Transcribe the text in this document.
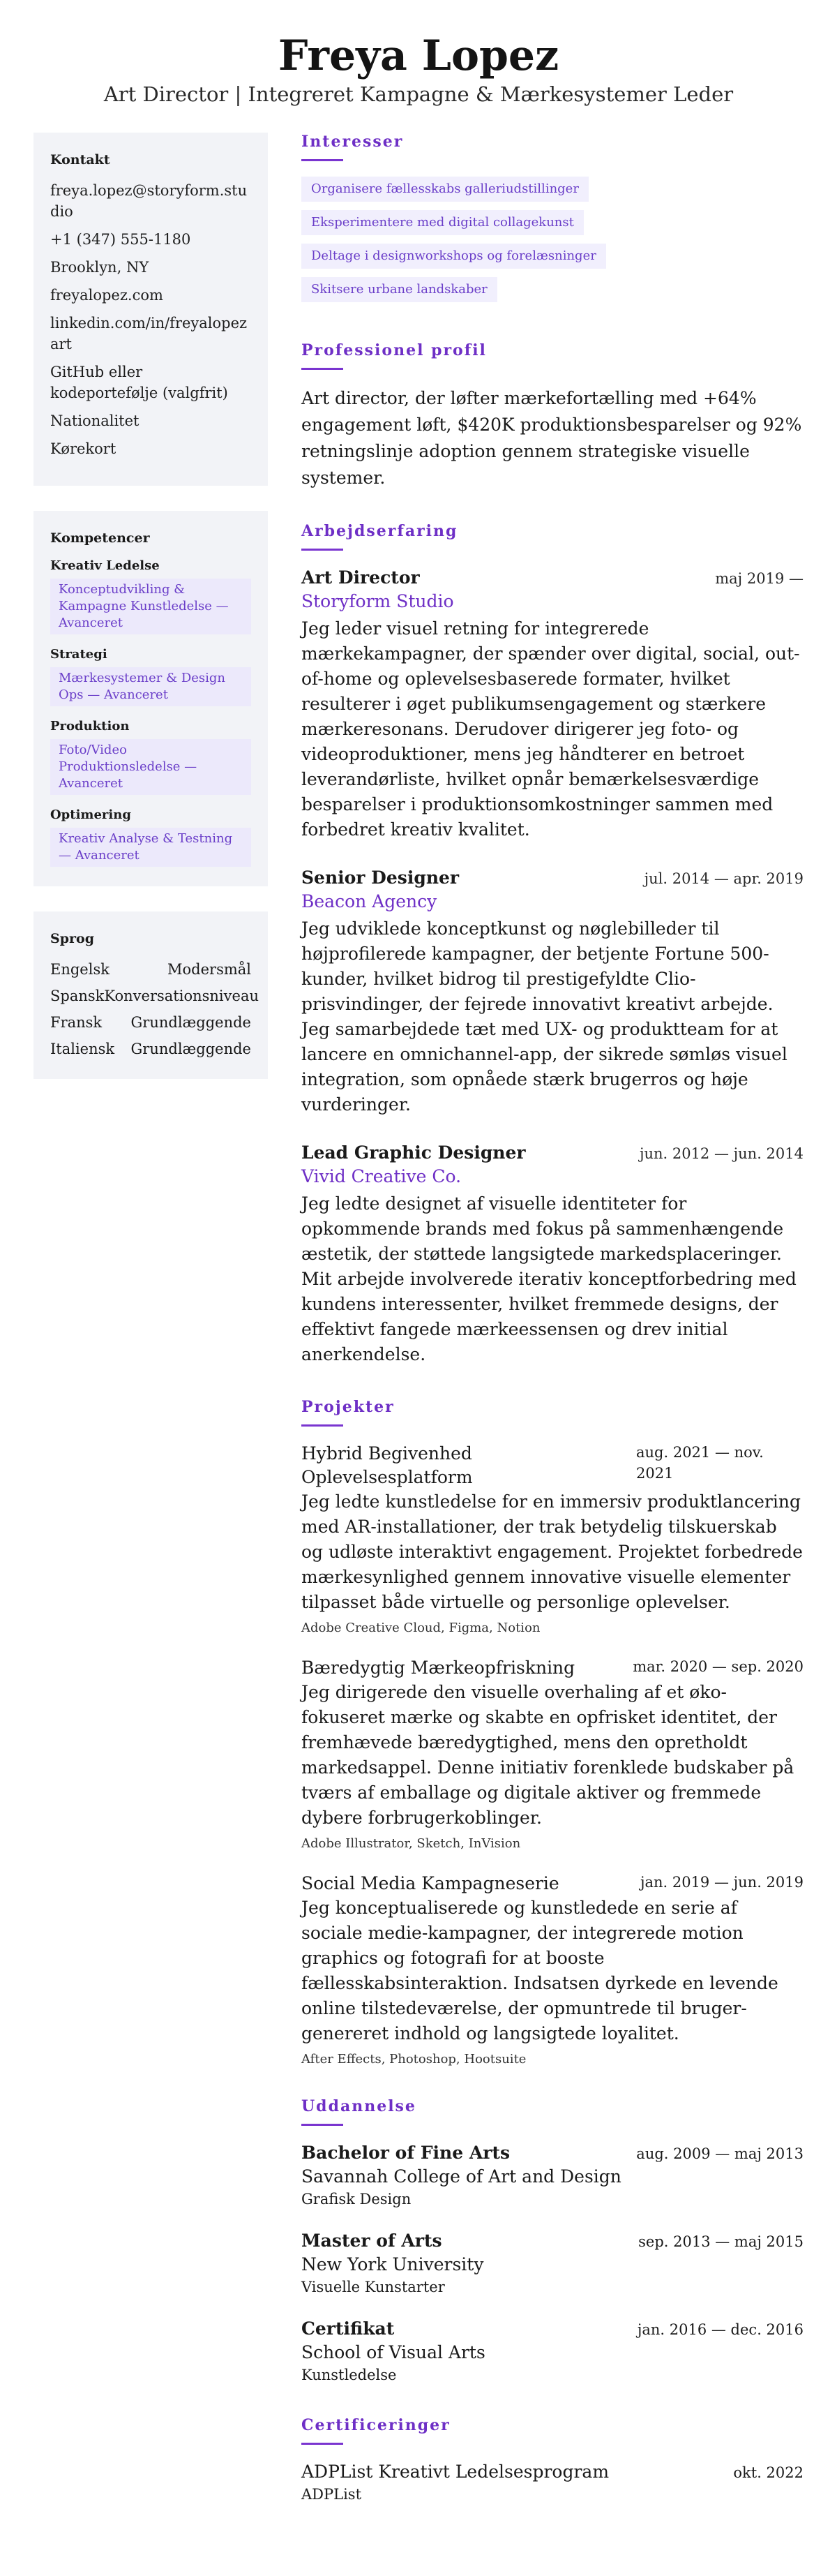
Freya Lopez
Art Director | Integreret Kampagne & Mærkesystemer Leder
Kontakt
freya.lopez@storyform.studio
+1 (347) 555-1180
Brooklyn, NY
freyalopez.com
linkedin.com/in/freyalopezart
GitHub eller kodeportefølje (valgfrit)
Nationalitet
Kørekort
Kompetencer
Kreativ Ledelse
Konceptudvikling & Kampagne Kunstledelse — Avanceret
Strategi
Mærkesystemer & Design Ops — Avanceret
Produktion
Foto/Video Produktionsledelse — Avanceret
Optimering
Kreativ Analyse & Testning — Avanceret
Sprog
Engelsk	Modersmål
Spansk Konversationsniveau
Fransk Grundlæggende
Italiensk Grundlæggende
Interesser
Organisere fællesskabs galleriudstillinger
Eksperimentere med digital collagekunst
Deltage i designworkshops og forelæsninger
Skitsere urbane landskaber
Professionel profil

Art director, der løfter mærkefortælling med +64% engagement løft, $420K produktionsbesparelser og 92% retningslinje adoption gennem strategiske visuelle systemer.

Arbejdserfaring
Art Director	maj 2019 —
Storyform Studio

Jeg leder visuel retning for integrerede mærkekampagner, der spænder over digital, social, out-of-home og oplevelsesbaserede formater, hvilket resulterer i øget publikumsengagement og stærkere mærkeresonans. Derudover dirigerer jeg foto- og videoproduktioner, mens jeg håndterer en betroet leverandørliste, hvilket opnår bemærkelsesværdige besparelser i produktionsomkostninger sammen med forbedret kreativ kvalitet.

Senior Designer	jul. 2014 — apr. 2019
Beacon Agency

Jeg udviklede konceptkunst og nøglebilleder til højprofilerede kampagner, der betjente Fortune 500-kunder, hvilket bidrog til prestigefyldte Clio-prisvindinger, der fejrede innovativt kreativt arbejde. Jeg samarbejdede tæt med UX- og produktteam for at lancere en omnichannel-app, der sikrede sømløs visuel integration, som opnåede stærk brugerros og høje vurderinger.

Lead Graphic Designer	jun. 2012 — jun. 2014
Vivid Creative Co.

Jeg ledte designet af visuelle identiteter for opkommende brands med fokus på sammenhængende æstetik, der støttede langsigtede markedsplaceringer. Mit arbejde involverede iterativ konceptforbedring med kundens interessenter, hvilket fremmede designs, der effektivt fangede mærkeessensen og drev initial anerkendelse.

Projekter
Hybrid Begivenhed Oplevelsesplatform
aug. 2021 — nov. 2021

Jeg ledte kunstledelse for en immersiv produktlancering med AR-installationer, der trak betydelig tilskuerskab og udløste interaktivt engagement. Projektet forbedrede mærkesynlighed gennem innovative visuelle elementer tilpasset både virtuelle og personlige oplevelser.

Adobe Creative Cloud, Figma, Notion
Bæredygtig Mærkeopfriskning	mar. 2020 — sep. 2020

Jeg dirigerede den visuelle overhaling af et øko-fokuseret mærke og skabte en opfrisket identitet, der fremhævede bæredygtighed, mens den opretholdt markedsappel. Denne initiativ forenklede budskaber på tværs af emballage og digitale aktiver og fremmede dybere forbrugerkoblinger.

Adobe Illustrator, Sketch, InVision
Social Media Kampagneserie	jan. 2019 — jun. 2019

Jeg konceptualiserede og kunstledede en serie af sociale medie-kampagner, der integrerede motion graphics og fotografi for at booste fællesskabsinteraktion. Indsatsen dyrkede en levende online tilstedeværelse, der opmuntrede til bruger-genereret indhold og langsigtede loyalitet.

After Effects, Photoshop, Hootsuite
Uddannelse
Bachelor of Fine Arts	aug. 2009 — maj 2013
Savannah College of Art and Design
Grafisk Design
Master of Arts	sep. 2013 — maj 2015
New York University
Visuelle Kunstarter
Certifikat	jan. 2016 — dec. 2016
School of Visual Arts
Kunstledelse
Certificeringer
ADPList Kreativt Ledelsesprogram	okt. 2022
ADPList
